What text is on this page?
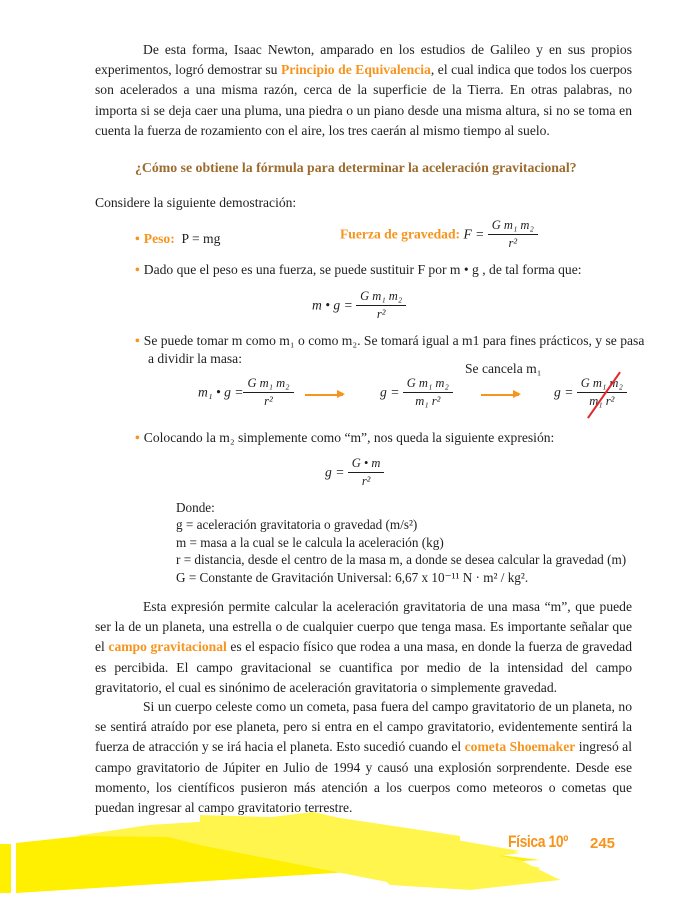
De esta forma, Isaac Newton, amparado en los estudios de Galileo y en sus propios experimentos, logró demostrar su Principio de Equivalencia, el cual indica que todos los cuerpos son acelerados a una misma razón, cerca de la superficie de la Tierra. En otras palabras, no importa si se deja caer una pluma, una piedra o un piano desde una misma altura, si no se toma en cuenta la fuerza de rozamiento con el aire, los tres caerán al mismo tiempo al suelo.
¿Cómo se obtiene la fórmula para determinar la aceleración gravitacional?
Considere la siguiente demostración:
• Peso: P = mg	Fuerza de gravedad: $F = \frac{\text{G m₁ m₂}}{\text{r²}}$
• Dado que el peso es una fuerza, se puede sustituir F por m • g , de tal forma que:
m • $g = \frac{\text{G m₁ m₂}}{\text{r²}}$
• Se puede tomar m como m₁ o como m₂. Se tomará igual a m1 para fines prácticos, y se pasa
a dividir la masa:
Se cancela m₁
m₁ • $g = \frac{\text{G m₁ m₂}}{\text{r²}}$	$g = \frac{\text{G m₁ m₂}}{\text{m₁ r²}}$	$g = \frac{\text{G m₁ m₂}}{\text{m₁ r²}}$
• Colocando la m₂ simplemente como “m”, nos queda la siguiente expresión:
$g = \frac{G • m}{\text{r²}}$
Donde:
g = aceleración gravitatoria o gravedad (m/s²)
m = masa a la cual se le calcula la aceleración (kg)
r = distancia, desde el centro de la masa m, a donde se desea calcular la gravedad (m)
G = Constante de Gravitación Universal: 6,67 x 10⁻¹¹ N · m² / kg².
Esta expresión permite calcular la aceleración gravitatoria de una masa “m”, que puede ser la de un planeta, una estrella o de cualquier cuerpo que tenga masa. Es importante señalar que el campo gravitacional es el espacio físico que rodea a una masa, en donde la fuerza de gravedad es percibida. El campo gravitacional se cuantifica por medio de la intensidad del campo gravitatorio, el cual es sinónimo de aceleración gravitatoria o simplemente gravedad.
Si un cuerpo celeste como un cometa, pasa fuera del campo gravitatorio de un planeta, no se sentirá atraído por ese planeta, pero si entra en el campo gravitatorio, evidentemente sentirá la fuerza de atracción y se irá hacia el planeta. Esto sucedió cuando el cometa Shoemaker ingresó al campo gravitatorio de Júpiter en Julio de 1994 y causó una explosión sorprendente. Desde ese momento, los científicos pusieron más atención a los cuerpos como meteoros o cometas que puedan ingresar al campo gravitatorio terrestre.
Física 10º	245
